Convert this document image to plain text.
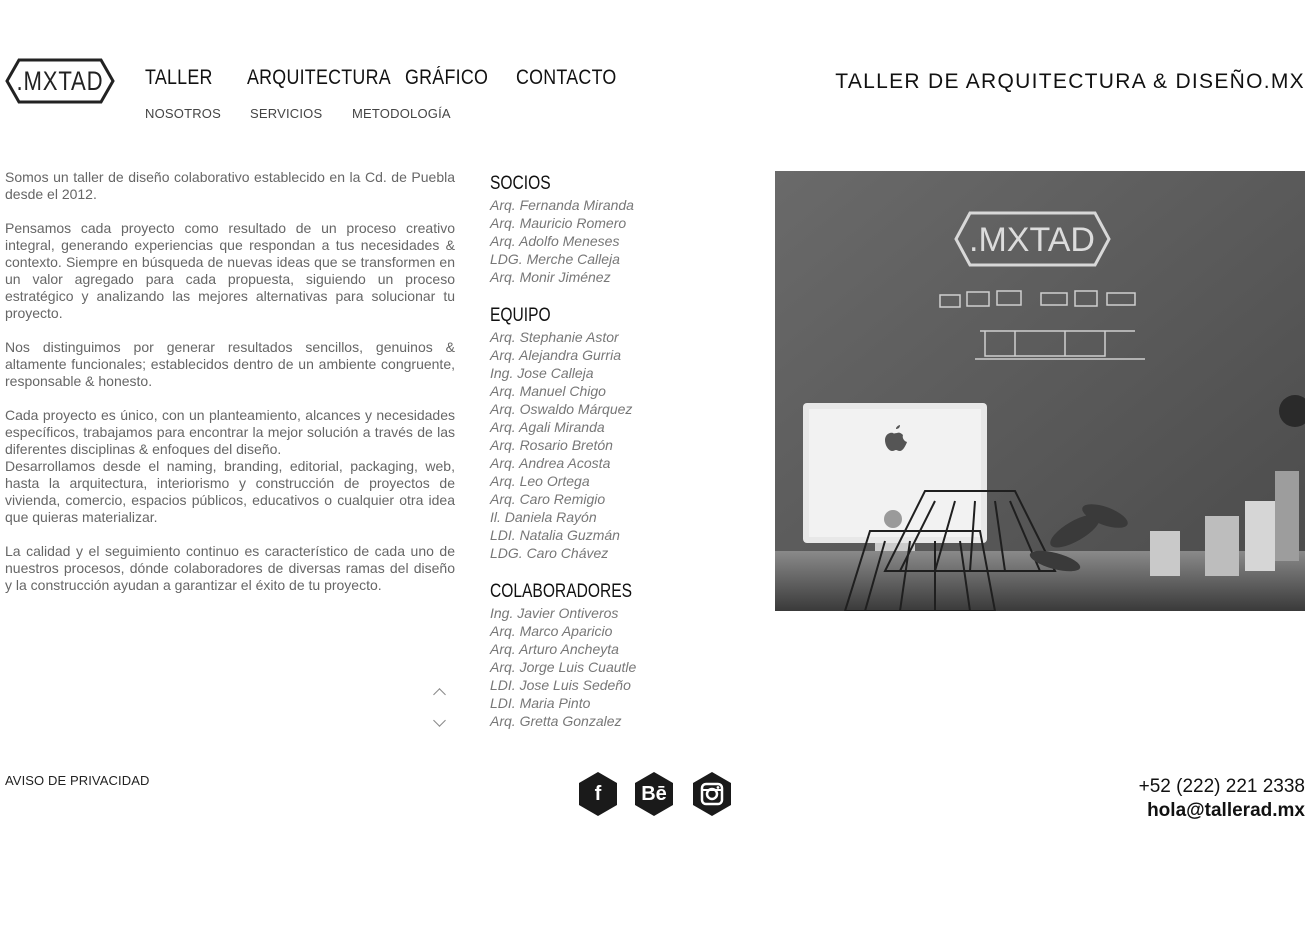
.MXTAD TALLER ARQUITECTURA GRÁFICO CONTACTO
NOSOTROS SERVICIOS METODOLOGÍA
TALLER DE ARQUITECTURA & DISEÑO.MX

Somos un taller de diseño colaborativo establecido en la Cd. de Puebla desde el 2012.

Pensamos cada proyecto como resultado de un proceso creativo integral, generando experiencias que respondan a tus necesidades & contexto. Siempre en búsqueda de nuevas ideas que se transformen en un valor agregado para cada propuesta, siguiendo un proceso estratégico y analizando las mejores alternativas para solucionar tu proyecto.

Nos distinguimos por generar resultados sencillos, genuinos & altamente funcionales; establecidos dentro de un ambiente congruente, responsable & honesto.

Cada proyecto es único, con un planteamiento, alcances y necesidades específicos, trabajamos para encontrar la mejor solución a través de las diferentes disciplinas & enfoques del diseño.

Desarrollamos desde el naming, branding, editorial, packaging, web, hasta la arquitectura, interiorismo y construcción de proyectos de vivienda, comercio, espacios públicos, educativos o cualquier otra idea que quieras materializar.

La calidad y el seguimiento continuo es característico de cada uno de nuestros procesos, dónde colaboradores de diversas ramas del diseño y la construcción ayudan a garantizar el éxito de tu proyecto.

SOCIOS
Arq. Fernanda Miranda
Arq. Mauricio Romero
Arq. Adolfo Meneses
LDG. Merche Calleja
Arq. Monir Jiménez
EQUIPO
Arq. Stephanie Astor
Arq. Alejandra Gurria
Ing. Jose Calleja
Arq. Manuel Chigo
Arq. Oswaldo Márquez
Arq. Agali Miranda
Arq. Rosario Bretón
Arq. Andrea Acosta
Arq. Leo Ortega
Arq. Caro Remigio
Il. Daniela Rayón
LDI. Natalia Guzmán
LDG. Caro Chávez
COLABORADORES
Ing. Javier Ontiveros
Arq. Marco Aparicio
Arq. Arturo Ancheyta
Arq. Jorge Luis Cuautle
LDI. Jose Luis Sedeño
LDI. Maria Pinto
Arq. Gretta Gonzalez
.MXTAD
AVISO DE PRIVACIDAD
f	Bē	+52 (222) 221 2338
hola@tallerad.mx
